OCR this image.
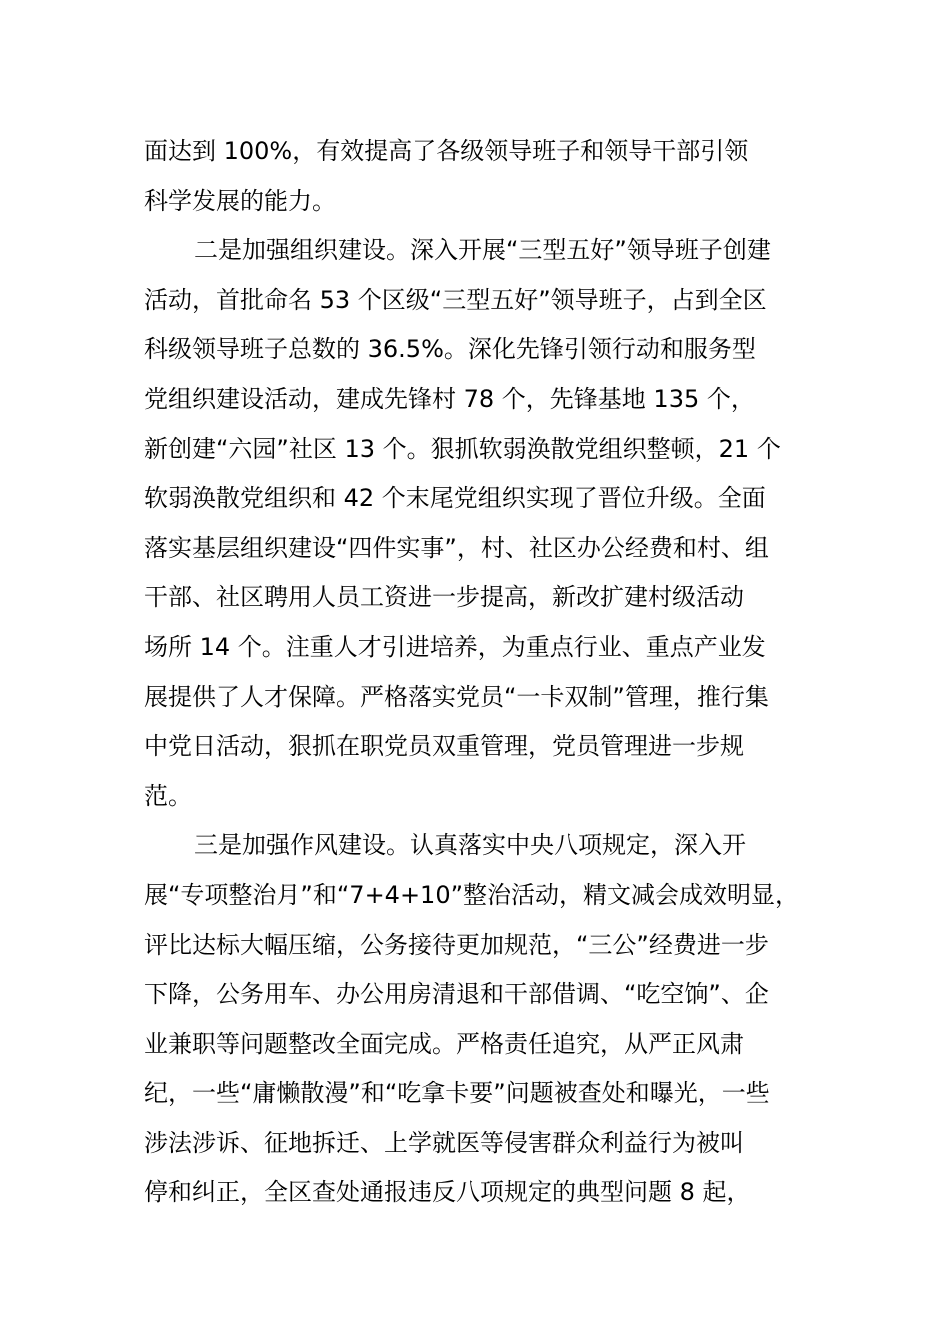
面达到 100%，有效提高了各级领导班子和领导干部引领
科学发展的能力。
二是加强组织建设。深入开展“三型五好”领导班子创建
活动，首批命名 53 个区级“三型五好”领导班子，占到全区
科级领导班子总数的 36.5%。深化先锋引领行动和服务型
党组织建设活动，建成先锋村 78 个，先锋基地 135 个，
新创建“六园”社区 13 个。狠抓软弱涣散党组织整顿，21 个
软弱涣散党组织和 42 个末尾党组织实现了晋位升级。全面
落实基层组织建设“四件实事”，村、社区办公经费和村、组
干部、社区聘用人员工资进一步提高，新改扩建村级活动
场所 14 个。注重人才引进培养，为重点行业、重点产业发
展提供了人才保障。严格落实党员“一卡双制”管理，推行集
中党日活动，狠抓在职党员双重管理，党员管理进一步规
范。
三是加强作风建设。认真落实中央八项规定，深入开
展“专项整治月”和“7+4+10”整治活动，精文减会成效明显，
评比达标大幅压缩，公务接待更加规范，“三公”经费进一步
下降，公务用车、办公用房清退和干部借调、“吃空饷”、企
业兼职等问题整改全面完成。严格责任追究，从严正风肃
纪，一些“庸懒散漫”和“吃拿卡要”问题被查处和曝光，一些
涉法涉诉、征地拆迁、上学就医等侵害群众利益行为被叫
停和纠正，全区查处通报违反八项规定的典型问题 8 起，
